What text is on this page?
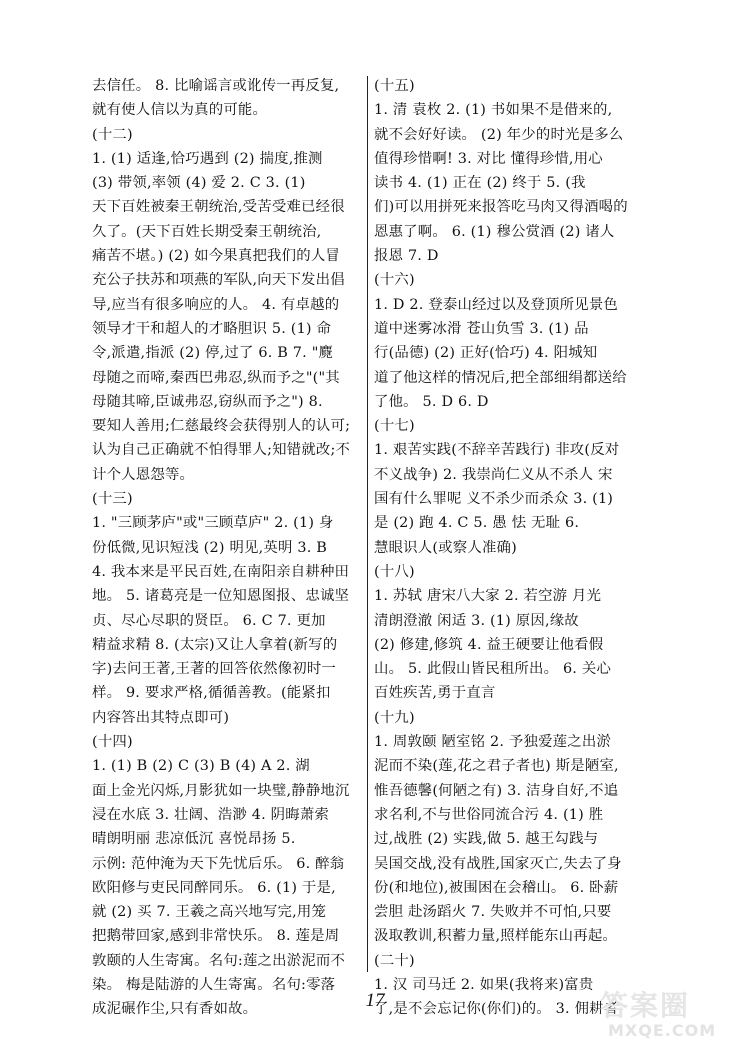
去信任。 8. 比喻谣言或讹传一再反复,
就有使人信以为真的可能。
(十二)
1. (1) 适逢,恰巧遇到 (2) 揣度,推测
(3) 带领,率领 (4) 爱 2. C 3. (1)
天下百姓被秦王朝统治,受苦受难已经很
久了。(天下百姓长期受秦王朝统治,
痛苦不堪。) (2) 如今果真把我们的人冒
充公子扶苏和项燕的军队,向天下发出倡
导,应当有很多响应的人。 4. 有卓越的
领导才干和超人的才略胆识 5. (1) 命
令,派遣,指派 (2) 停,过了 6. B 7. "麑
母随之而啼,秦西巴弗忍,纵而予之"("其
母随其啼,臣诚弗忍,窃纵而予之") 8.
要知人善用;仁慈最终会获得别人的认可;
认为自己正确就不怕得罪人;知错就改;不
计个人恩怨等。
(十三)
1. "三顾茅庐"或"三顾草庐" 2. (1) 身
份低微,见识短浅 (2) 明见,英明 3. B
4. 我本来是平民百姓,在南阳亲自耕种田
地。 5. 诸葛亮是一位知恩图报、忠诚坚
贞、尽心尽职的贤臣。 6. C 7. 更加
精益求精 8. (太宗)又让人拿着(新写的
字)去问王著,王著的回答依然像初时一
样。 9. 要求严格,循循善教。(能紧扣
内容答出其特点即可)
(十四)
1. (1) B (2) C (3) B (4) A 2. 湖
面上金光闪烁,月影犹如一块璧,静静地沉
浸在水底 3. 壮阔、浩渺 4. 阴晦萧索
晴朗明丽 悲凉低沉 喜悦昂扬 5.
示例: 范仲淹为天下先忧后乐。 6. 醉翁
欧阳修与吏民同醉同乐。 6. (1) 于是,
就 (2) 买 7. 王羲之高兴地写完,用笼
把鹅带回家,感到非常快乐。 8. 莲是周
敦颐的人生寄寓。名句:莲之出淤泥而不
染。 梅是陆游的人生寄寓。名句:零落
成泥碾作尘,只有香如故。
(十五)
1. 清 袁枚 2. (1) 书如果不是借来的,
就不会好好读。 (2) 年少的时光是多么
值得珍惜啊! 3. 对比 懂得珍惜,用心
读书 4. (1) 正在 (2) 终于 5. (我
们)可以用拼死来报答吃马肉又得酒喝的
恩惠了啊。 6. (1) 穆公赏酒 (2) 诸人
报恩 7. D
(十六)
1. D 2. 登泰山经过以及登顶所见景色
道中迷雾冰滑 苍山负雪 3. (1) 品
行(品德) (2) 正好(恰巧) 4. 阳城知
道了他这样的情况后,把全部细绢都送给
了他。 5. D 6. D
(十七)
1. 艰苦实践(不辞辛苦践行) 非攻(反对
不义战争) 2. 我崇尚仁义从不杀人 宋
国有什么罪呢 义不杀少而杀众 3. (1)
是 (2) 跑 4. C 5. 愚 怯 无耻 6.
慧眼识人(或察人准确)
(十八)
1. 苏轼 唐宋八大家 2. 若空游 月光
清朗澄澈 闲适 3. (1) 原因,缘故
(2) 修建,修筑 4. 益王硬要让他看假
山。 5. 此假山皆民租所出。 6. 关心
百姓疾苦,勇于直言
(十九)
1. 周敦颐 陋室铭 2. 予独爱莲之出淤
泥而不染(莲,花之君子者也) 斯是陋室,
惟吾德馨(何陋之有) 3. 洁身自好,不追
求名利,不与世俗同流合污 4. (1) 胜
过,战胜 (2) 实践,做 5. 越王勾践与
吴国交战,没有战胜,国家灭亡,失去了身
份(和地位),被围困在会稽山。 6. 卧薪
尝胆 赴汤蹈火 7. 失败并不可怕,只要
汲取教训,积蓄力量,照样能东山再起。
(二十)
1. 汉 司马迁 2. 如果(我将来)富贵
了,是不会忘记你(你们)的。 3. 佣耕者
17	答案圈
MXQE.COM
